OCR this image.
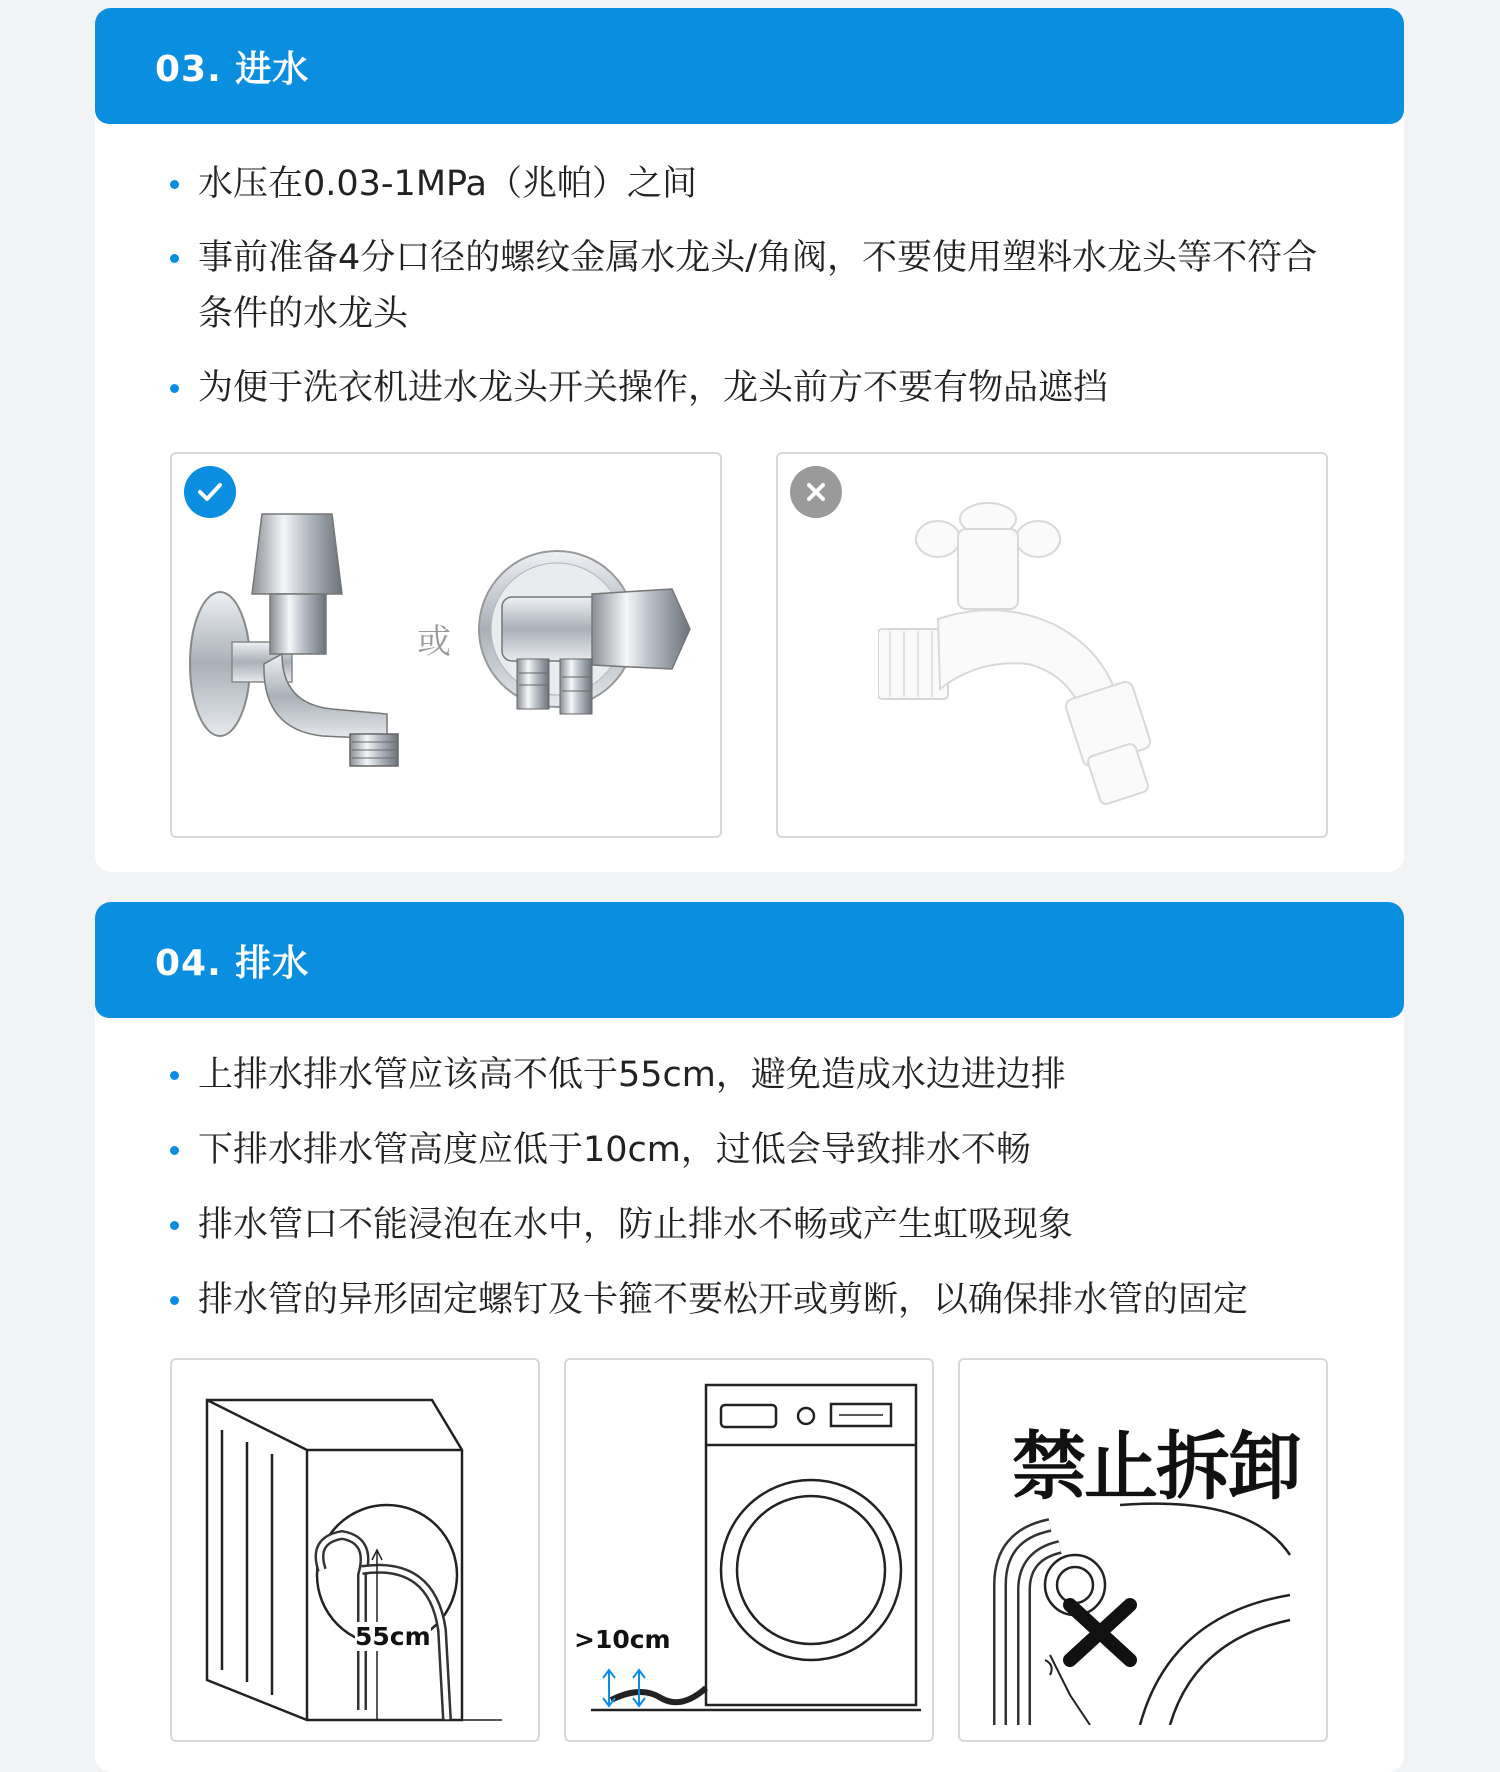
03. 进水
水压在0.03-1MPa（兆帕）之间
事前准备4分口径的螺纹金属水龙头/角阀，不要使用塑料水龙头等不符合条件的水龙头
为便于洗衣机进水龙头开关操作，龙头前方不要有物品遮挡
或
04. 排水
上排水排水管应该高不低于55cm，避免造成水边进边排
下排水排水管高度应低于10cm，过低会导致排水不畅
排水管口不能浸泡在水中，防止排水不畅或产生虹吸现象
排水管的异形固定螺钉及卡箍不要松开或剪断，以确保排水管的固定
55cm	>10cm
禁止拆卸
